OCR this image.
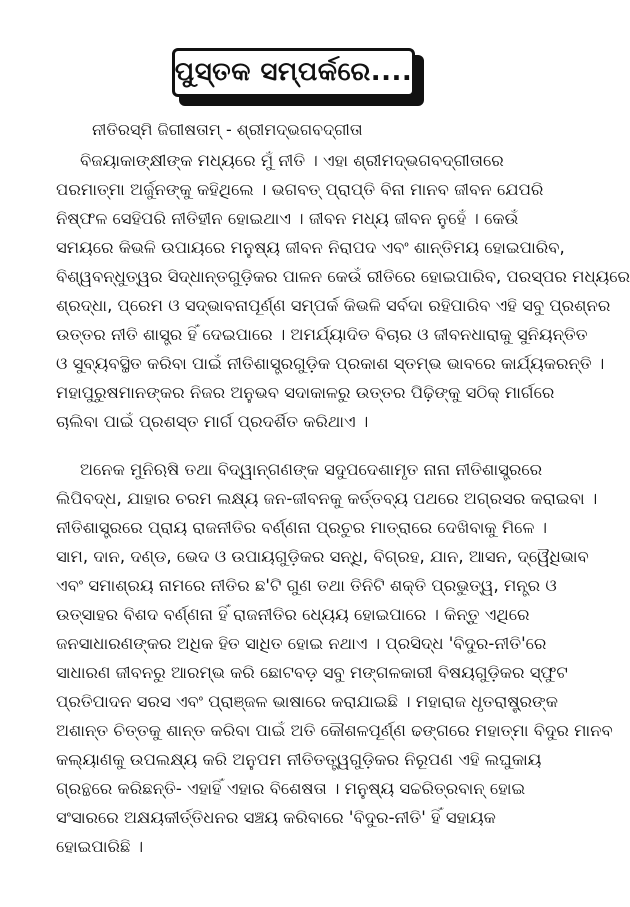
ପୁସ୍ତକ ସମ୍ପର୍କରେ....
ନୀତିରସ୍ମି ଜିଗୀଷତାମ୍ - ଶ୍ରୀମଦ୍‌ଭଗବଦ୍‌ଗୀତା
ବିଜୟାକାଙ୍‌କ୍ଷୀଙ୍କ ମଧ୍ୟରେ ମୁଁ ନୀତି । ଏହା ଶ୍ରୀମଦ୍‌ଭଗବଦ୍‌ଗୀତାରେ
ପରମାତ୍ମା ଅର୍ଜୁନଙ୍କୁ କହିଥିଲେ । ଭଗବତ୍ ପ୍ରାପ୍ତି ବିନା ମାନବ ଜୀବନ ଯେପରି
ନିଷ୍ଫଳ ସେହିପରି ନୀତିହୀନ ହୋଇଥାଏ । ଜୀବନ ମଧ୍ୟ ଜୀବନ ନୁହେଁ । କେଉଁ
ସମୟରେ କିଭଳି ଉପାୟରେ ମନୁଷ୍ୟ ଜୀବନ ନିରାପଦ ଏବଂ ଶାନ୍ତିମୟ ହୋଇପାରିବ,
ବିଶ୍ୱବନ୍ଧୁତ୍ୱର ସିଦ୍ଧାନ୍ତଗୁଡ଼ିକର ପାଳନ କେଉଁ ରୀତିରେ ହୋଇପାରିବ, ପରସ୍ପର ମଧ୍ୟରେ
ଶ୍ରଦ୍ଧା, ପ୍ରେମ ଓ ସଦ୍‌ଭାବନାପୂର୍ଣ୍ଣ ସମ୍ପର୍କ କିଭଳି ସର୍ବଦା ରହିପାରିବ ଏହି ସବୁ ପ୍ରଶ୍ନର
ଉତ୍ତର ନୀତି ଶାସ୍ତ୍ର ହିଁ ଦେଇପାରେ । ଅମର୍ଯ୍ୟାଦିତ ବିଚାର ଓ ଜୀବନଧାରାକୁ ସୁନିୟନ୍ତିତ
ଓ ସୁବ୍ୟବସ୍ଥିତ କରିବା ପାଇଁ ନୀତିଶାସ୍ତ୍ରଗୁଡ଼ିକ ପ୍ରକାଶ ସ୍ତମ୍ଭ ଭାବରେ କାର୍ଯ୍ୟକରନ୍ତି ।
ମହାପୁରୁଷମାନଙ୍କର ନିଜର ଅନୁଭବ ସଦାକାଳରୁ ଉତ୍ତର ପିଢ଼ିଙ୍କୁ ସଠିକ୍ ମାର୍ଗରେ
ଚାଲିବା ପାଇଁ ପ୍ରଶସ୍ତ ମାର୍ଗ ପ୍ରଦର୍ଶିତ କରିଥାଏ ।
ଅନେକ ମୁନିଋଷି ତଥା ବିଦ୍ୱାନ୍‌ଗଣଙ୍କ ସଦୁପଦେଶାମୃତ ନାନା ନୀତିଶାସ୍ତ୍ରରେ
ଲିପିବଦ୍ଧ, ଯାହାର ଚରମ ଲକ୍ଷ୍ୟ ଜନ-ଜୀବନକୁ କର୍ତ୍ତବ୍ୟ ପଥରେ ଅଗ୍ରସର କରାଇବା ।
ନୀତିଶାସ୍ତ୍ରରେ ପ୍ରାୟ ରାଜନୀତିର ବର୍ଣ୍ଣନା ପ୍ରଚୁର ମାତ୍ରାରେ ଦେଖିବାକୁ ମିଳେ ।
ସାମ, ଦାନ, ଦଣ୍ଡ, ଭେଦ ଓ ଉପାୟଗୁଡ଼ିକର ସନ୍ଧି, ବିଗ୍ରହ, ଯାନ, ଆସନ, ଦ୍ୱୈଧିଭାବ
ଏବଂ ସମାଶ୍ରୟ ନାମରେ ନୀତିର ଛ'ଟି ଗୁଣ ତଥା ତିନିଟି ଶକ୍ତି ପ୍ରଭୁତ୍ୱ, ମନ୍ତ୍ର ଓ
ଉତ୍ସାହର ବିଶଦ ବର୍ଣ୍ଣନା ହିଁ ରାଜନୀତିର ଧ୍ୟେୟ ହୋଇପାରେ । କିନ୍ତୁ ଏଥିରେ
ଜନସାଧାରଣଙ୍କର ଅଧିକ ହିତ ସାଧିତ ହୋଇ ନଥାଏ । ପ୍ରସିଦ୍ଧ 'ବିଦୁର-ନୀତି'ରେ
ସାଧାରଣ ଜୀବନରୁ ଆରମ୍ଭ କରି ଛୋଟବଡ଼ ସବୁ ମଙ୍ଗଳକାରୀ ବିଷୟଗୁଡ଼ିକର ସ୍ଫୁଟ
ପ୍ରତିପାଦନ ସରସ ଏବଂ ପ୍ରାଞ୍ଜଳ ଭାଷାରେ କରାଯାଇଛି । ମହାରାଜ ଧୃତରାଷ୍ଟ୍ରଙ୍କ
ଅଶାନ୍ତ ଚିତ୍ତକୁ ଶାନ୍ତ କରିବା ପାଇଁ ଅତି କୌଶଳପୂର୍ଣ୍ଣ ଢଙ୍ଗରେ ମହାତ୍ମା ବିଦୁର ମାନବ
କଲ୍ୟାଣକୁ ଉପଲକ୍ଷ୍ୟ କରି ଅନୁପମ ନୀତିତତ୍ତ୍ୱଗୁଡ଼ିକର ନିରୂପଣ ଏହି ଲଘୁକାୟ
ଗ୍ରନ୍ଥରେ କରିଛନ୍ତି- ଏହାହିଁ ଏହାର ବିଶେଷତା । ମନୁଷ୍ୟ ସଚ୍ଚରିତ୍ରବାନ୍ ହୋଇ
ସଂସାରରେ ଅକ୍ଷୟକୀର୍ତ୍ତିଧନର ସଞ୍ଚୟ କରିବାରେ 'ବିଦୁର-ନୀତି' ହିଁ ସହାୟକ
ହୋଇପାରିଛି ।
